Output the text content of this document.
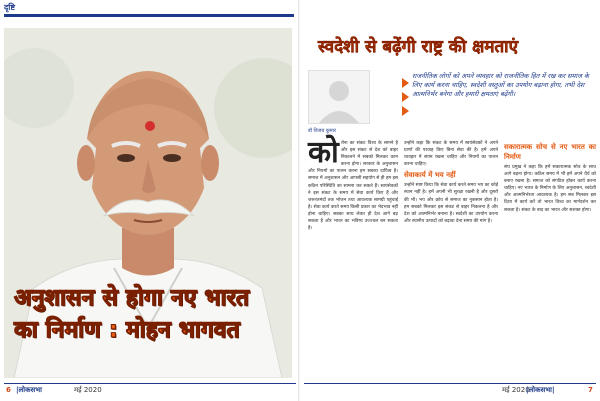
दृष्टि
अनुशासन से होगा नए भारत
का निर्माण : मोहन भागवत
6 |लोकसभा	मई 2020
स्वदेशी से बढ़ेंगी राष्ट्र की क्षमताएं
डॉ विजय कुमार
राजनीतिक लोगों को अपने व्यवहार को राजनीतिक हित में रख कर समाज के लिए कार्य करना चाहिए, स्वदेशी वस्तुओं का उपयोग बढ़ाना होगा, तभी देश आत्मनिर्भर बनेगा और हमारी क्षमताएं बढ़ेंगी।
को रोना का संकट विश्व के सामने है और इस संकट से देश को बाहर निकालने में सबको मिलकर काम करना होगा। सरकार के अनुशासन और नियमों का पालन करना हम सबका दायित्व है। समाज में अनुशासन और आपसी सहयोग से ही हम इस कठिन परिस्थिति का सामना कर सकते हैं। स्वयंसेवकों ने इस संकट के समय में सेवा कार्य किए हैं और जरूरतमंदों तक भोजन तथा आवश्यक सामग्री पहुंचाई है। सेवा कार्य करते समय किसी प्रकार का भेदभाव नहीं होना चाहिए। सबका साथ लेकर ही देश आगे बढ़ सकता है और भारत का भविष्य उज्ज्वल बन सकता है।
उन्होंने कहा कि संकट के समय में स्वयंसेवकों ने अपने प्राणों की परवाह किए बिना सेवा की है। हमें अपने व्यवहार में संयम रखना चाहिए और नियमों का पालन करना चाहिए।
सेवाकार्य में भय नहीं
उन्होंने स्पष्ट किया कि सेवा कार्य करते समय भय का कोई स्थान नहीं है। हमें अपनी भी सुरक्षा रखनी है और दूसरों की भी। भय और क्रोध से समाज का नुकसान होता है। हम सबको मिलकर इस संकट से बाहर निकलना है और देश को आत्मनिर्भर बनाना है। स्वदेशी का उपयोग करना और स्थानीय उत्पादों को बढ़ावा देना समय की मांग है।
सकारात्मक सोच से नए भारत का निर्माण
संघ प्रमुख ने कहा कि हमें सकारात्मक सोच के साथ आगे बढ़ना होगा। कठिन समय में भी हमें अपने धैर्य को बनाए रखना है। समाज को संगठित होकर कार्य करना चाहिए। नए भारत के निर्माण के लिए अनुशासन, स्वदेशी और आत्मनिर्भरता आवश्यक है। हम सब मिलकर इस दिशा में कार्य करें तो भारत विश्व का मार्गदर्शन कर सकता है। संकट के बाद का भारत और सशक्त होगा।
मई 2020
|लोकसभा|	7
